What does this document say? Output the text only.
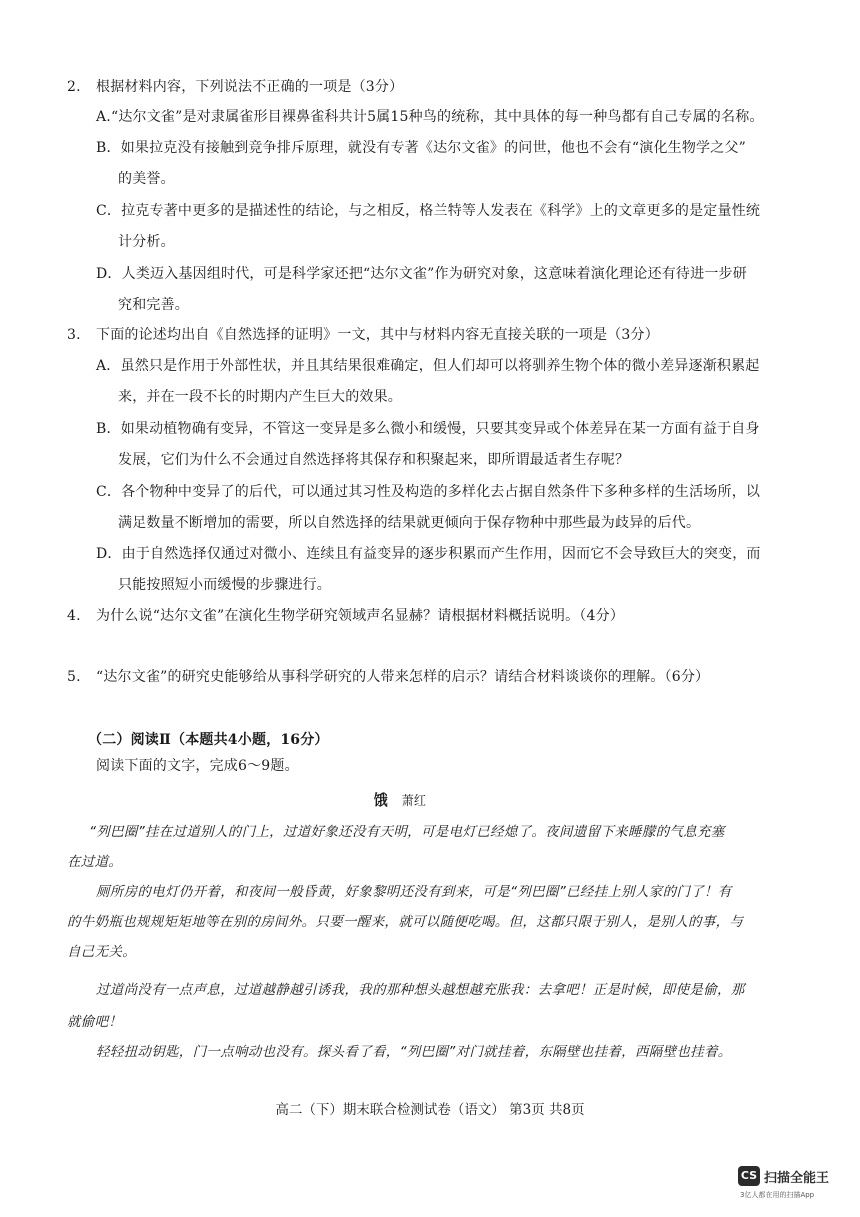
2. 根据材料内容，下列说法不正确的一项是（3分）
A.“达尔文雀”是对隶属雀形目裸鼻雀科共计5属15种鸟的统称，其中具体的每一种鸟都有自己专属的名称。
B．如果拉克没有接触到竞争排斥原理，就没有专著《达尔文雀》的问世，他也不会有“演化生物学之父”
的美誉。
C．拉克专著中更多的是描述性的结论，与之相反，格兰特等人发表在《科学》上的文章更多的是定量性统
计分析。
D．人类迈入基因组时代，可是科学家还把“达尔文雀”作为研究对象，这意味着演化理论还有待进一步研
究和完善。
3. 下面的论述均出自《自然选择的证明》一文，其中与材料内容无直接关联的一项是（3分）
A．虽然只是作用于外部性状，并且其结果很难确定，但人们却可以将驯养生物个体的微小差异逐渐积累起
来，并在一段不长的时期内产生巨大的效果。
B．如果动植物确有变异，不管这一变异是多么微小和缓慢，只要其变异或个体差异在某一方面有益于自身
发展，它们为什么不会通过自然选择将其保存和积聚起来，即所谓最适者生存呢？
C．各个物种中变异了的后代，可以通过其习性及构造的多样化去占据自然条件下多种多样的生活场所，以
满足数量不断增加的需要，所以自然选择的结果就更倾向于保存物种中那些最为歧异的后代。
D．由于自然选择仅通过对微小、连续且有益变异的逐步积累而产生作用，因而它不会导致巨大的突变，而
只能按照短小而缓慢的步骤进行。
4. 为什么说“达尔文雀”在演化生物学研究领域声名显赫？请根据材料概括说明。（4分）
5. “达尔文雀”的研究史能够给从事科学研究的人带来怎样的启示？请结合材料谈谈你的理解。（6分）
（二）阅读Ⅱ（本题共4小题，16分）
阅读下面的文字，完成6～9题。
饿 萧红
“列巴圈”挂在过道别人的门上，过道好象还没有天明，可是电灯已经熄了。夜间遗留下来睡朦的气息充塞
在过道。
厕所房的电灯仍开着，和夜间一般昏黄，好象黎明还没有到来，可是“列巴圈”已经挂上别人家的门了！有
的牛奶瓶也规规矩矩地等在别的房间外。只要一醒来，就可以随便吃喝。但，这都只限于别人，是别人的事，与
自己无关。
过道尚没有一点声息，过道越静越引诱我，我的那种想头越想越充胀我：去拿吧！正是时候，即使是偷，那
就偷吧！
轻轻扭动钥匙，门一点响动也没有。探头看了看，“列巴圈”对门就挂着，东隔壁也挂着，西隔壁也挂着。
高二（下）期末联合检测试卷（语文） 第3页 共8页
CS 扫描全能王
3亿人都在用的扫描App
